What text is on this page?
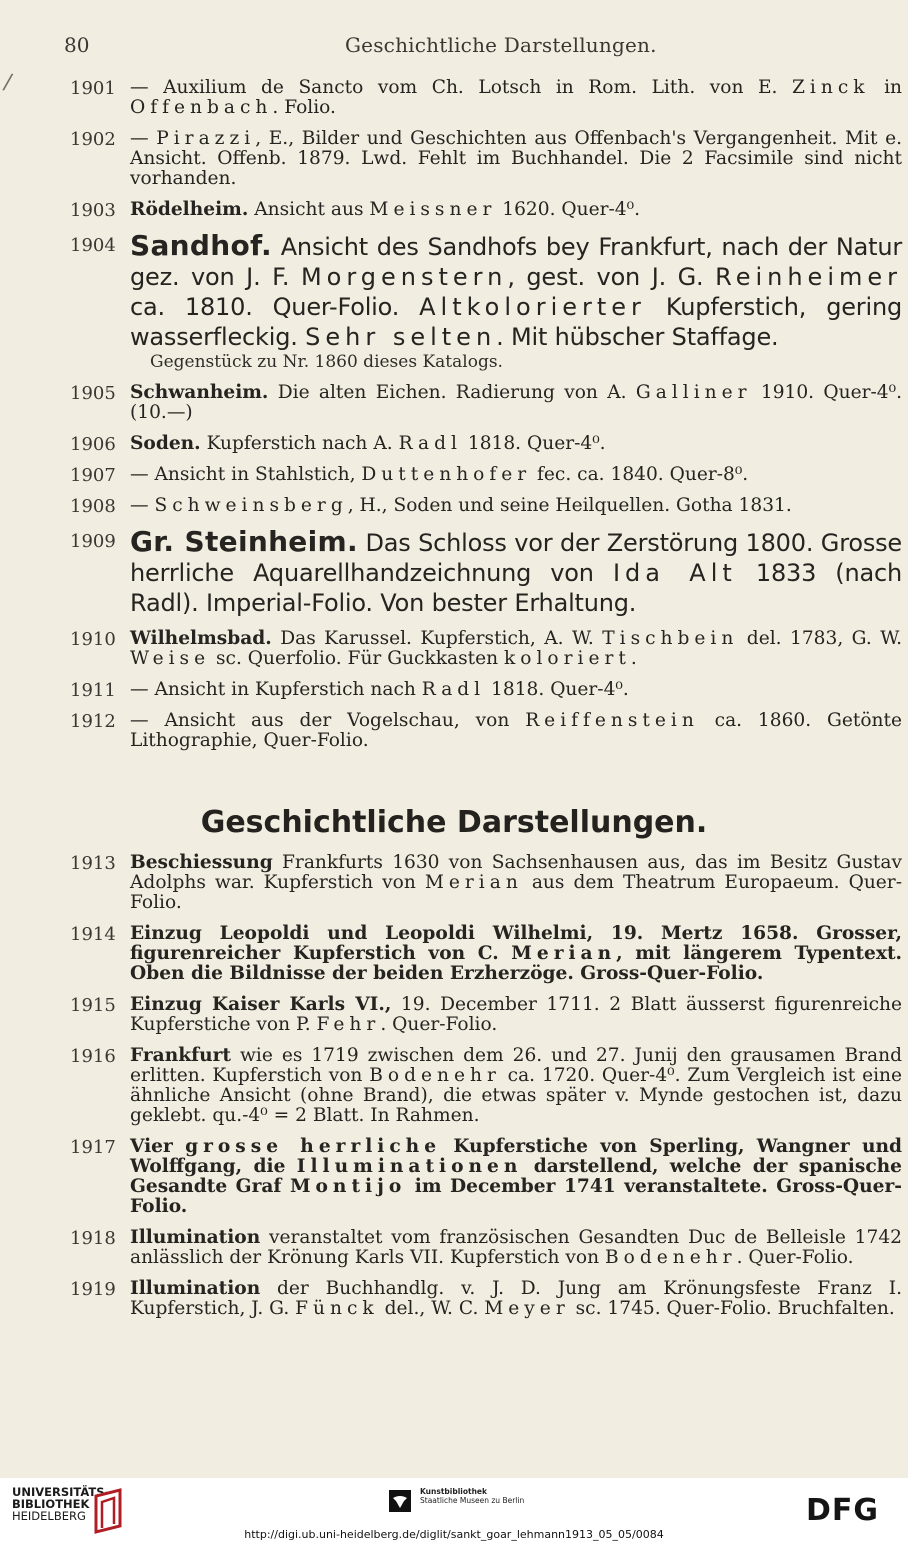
80	Geschichtliche Darstellungen.
/	1901 — Auxilium de Sancto vom Ch. Lotsch in Rom. Lith. von E. Zinck in Offenbach. Folio.
1902 — Pirazzi, E., Bilder und Geschichten aus Offenbach's Vergangenheit. Mit e. Ansicht. Offenb. 1879. Lwd. Fehlt im Buchhandel. Die 2 Facsimile sind nicht vorhanden.
1903 Rödelheim. Ansicht aus Meissner 1620. Quer-4⁰.
1904 Sandhof. Ansicht des Sandhofs bey Frankfurt, nach der Natur gez. von J. F. Morgenstern, gest. von J. G. Reinheimer ca. 1810. Quer-Folio. Altkolorierter Kupferstich, gering wasserfleckig. Sehr selten. Mit hübscher Staffage.
Gegenstück zu Nr. 1860 dieses Katalogs.
1905 Schwanheim. Die alten Eichen. Radierung von A. Galliner 1910. Quer-4⁰. (10.—)
1906 Soden. Kupferstich nach A. Radl 1818. Quer-4⁰.
1907 — Ansicht in Stahlstich, Duttenhofer fec. ca. 1840. Quer-8⁰.
1908 — Schweinsberg, H., Soden und seine Heilquellen. Gotha 1831.
1909 Gr. Steinheim. Das Schloss vor der Zerstörung 1800. Grosse herrliche Aquarellhandzeichnung von Ida Alt 1833 (nach Radl). Imperial-Folio. Von bester Erhaltung.
1910 Wilhelmsbad. Das Karussel. Kupferstich, A. W. Tischbein del. 1783, G. W. Weise sc. Querfolio. Für Guckkasten koloriert.
1911 — Ansicht in Kupferstich nach Radl 1818. Quer-4⁰.
1912 — Ansicht aus der Vogelschau, von Reiffenstein ca. 1860. Getönte Lithographie, Quer-Folio.
Geschichtliche Darstellungen.
1913 Beschiessung Frankfurts 1630 von Sachsenhausen aus, das im Besitz Gustav Adolphs war. Kupferstich von Merian aus dem Theatrum Europaeum. Quer-Folio.
1914 Einzug Leopoldi und Leopoldi Wilhelmi, 19. Mertz 1658. Grosser, figurenreicher Kupferstich von C. Merian, mit längerem Typentext. Oben die Bildnisse der beiden Erzherzöge. Gross-Quer-Folio.
1915 Einzug Kaiser Karls VI., 19. December 1711. 2 Blatt äusserst figurenreiche Kupferstiche von P. Fehr. Quer-Folio.
1916 Frankfurt wie es 1719 zwischen dem 26. und 27. Junij den grausamen Brand erlitten. Kupferstich von Bodenehr ca. 1720. Quer-4⁰. Zum Vergleich ist eine ähnliche Ansicht (ohne Brand), die etwas später v. Mynde gestochen ist, dazu geklebt. qu.-4⁰ = 2 Blatt. In Rahmen.
1917 Vier grosse herrliche Kupferstiche von Sperling, Wangner und Wolffgang, die Illuminationen darstellend, welche der spanische Gesandte Graf Montijo im December 1741 veranstaltete. Gross-Quer-Folio.
1918 Illumination veranstaltet vom französischen Gesandten Duc de Belleisle 1742 anlässlich der Krönung Karls VII. Kupferstich von Bodenehr. Quer-Folio.
1919 Illumination der Buchhandlg. v. J. D. Jung am Krönungsfeste Franz I. Kupferstich, J. G. Fünck del., W. C. Meyer sc. 1745. Quer-Folio. Bruchfalten.
UNIVERSITÄTS-
BIBLIOTHEK
HEIDELBERG
Kunstbibliothek
Staatliche Museen zu Berlin	DFG
http://digi.ub.uni-heidelberg.de/diglit/sankt_goar_lehmann1913_05_05/0084
